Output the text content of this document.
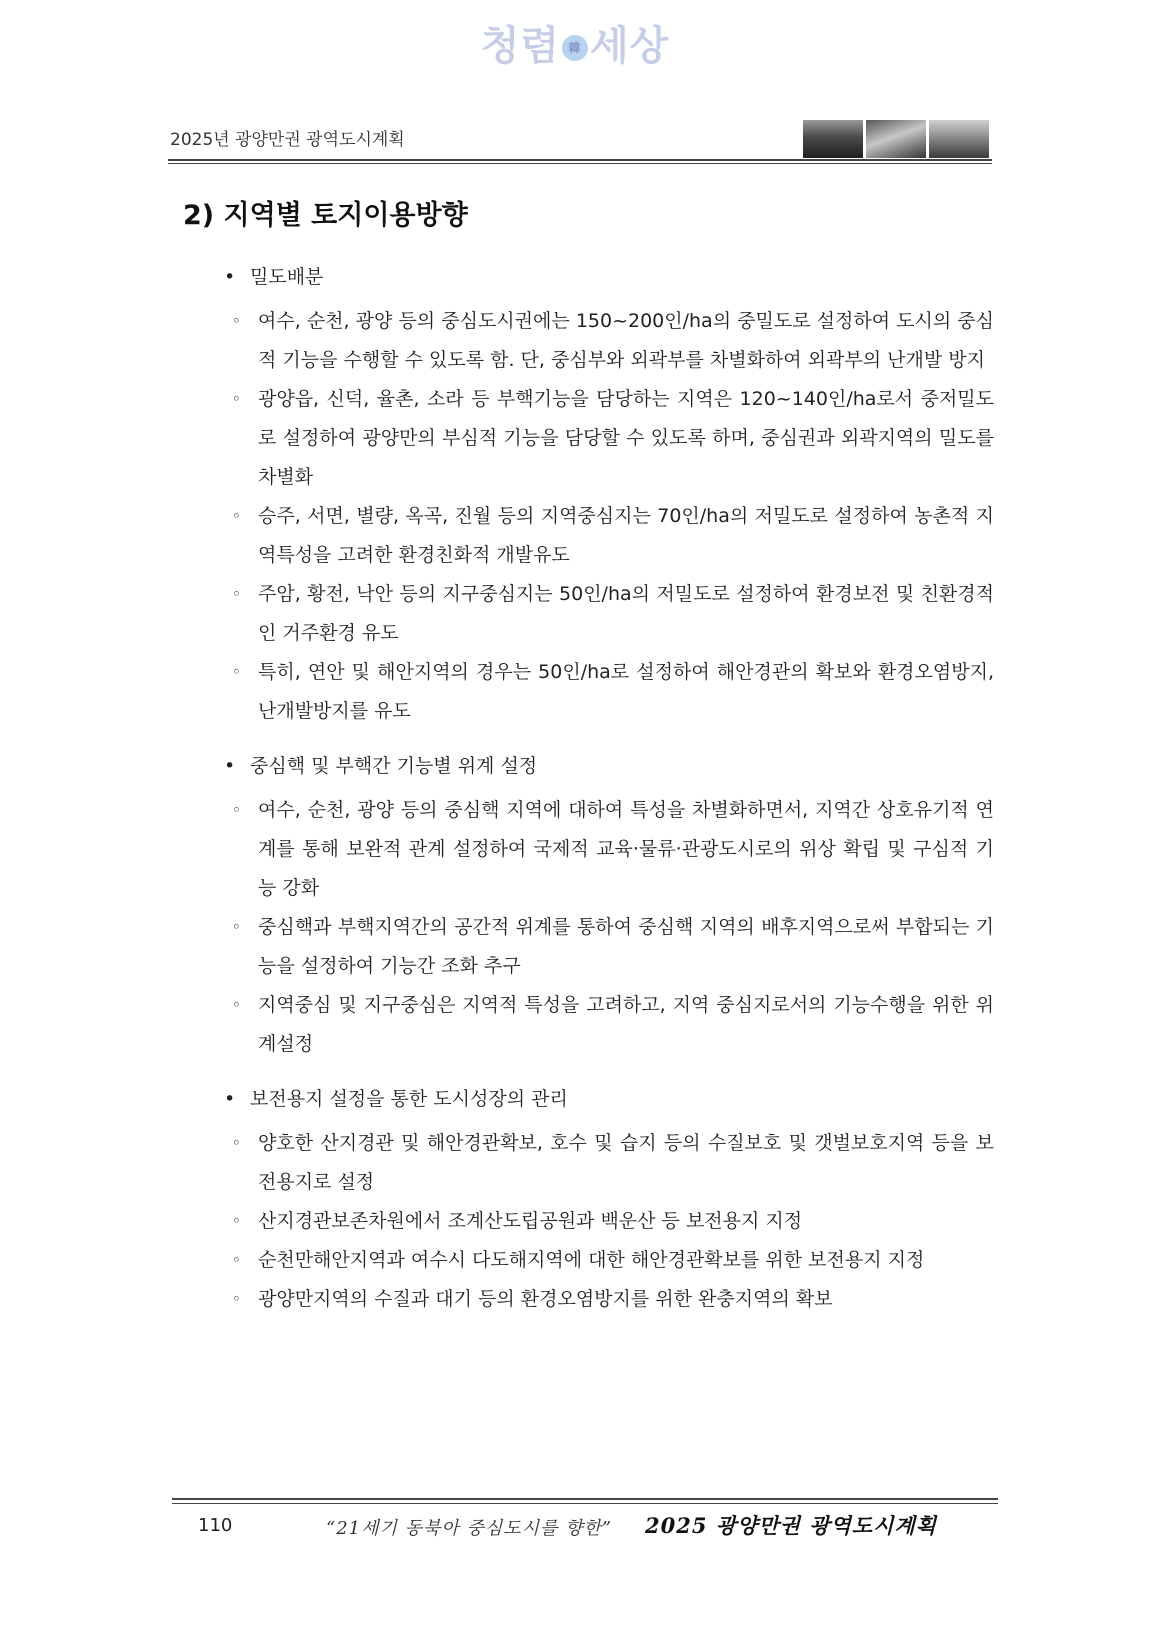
청렴 韓 세상
2025년 광양만권 광역도시계획
2) 지역별 토지이용방향
• 밀도배분
◦ 여수, 순천, 광양 등의 중심도시권에는 150~200인/ha의 중밀도로 설정하여 도시의 중심적 기능을 수행할 수 있도록 함. 단, 중심부와 외곽부를 차별화하여 외곽부의 난개발 방지
◦ 광양읍, 신덕, 율촌, 소라 등 부핵기능을 담당하는 지역은 120~140인/ha로서 중저밀도로 설정하여 광양만의 부심적 기능을 담당할 수 있도록 하며, 중심권과 외곽지역의 밀도를 차별화
◦ 승주, 서면, 별량, 옥곡, 진월 등의 지역중심지는 70인/ha의 저밀도로 설정하여 농촌적 지역특성을 고려한 환경친화적 개발유도
◦ 주암, 황전, 낙안 등의 지구중심지는 50인/ha의 저밀도로 설정하여 환경보전 및 친환경적인 거주환경 유도
◦ 특히, 연안 및 해안지역의 경우는 50인/ha로 설정하여 해안경관의 확보와 환경오염방지, 난개발방지를 유도
• 중심핵 및 부핵간 기능별 위계 설정
◦ 여수, 순천, 광양 등의 중심핵 지역에 대하여 특성을 차별화하면서, 지역간 상호유기적 연계를 통해 보완적 관계 설정하여 국제적 교육·물류·관광도시로의 위상 확립 및 구심적 기능 강화
◦ 중심핵과 부핵지역간의 공간적 위계를 통하여 중심핵 지역의 배후지역으로써 부합되는 기능을 설정하여 기능간 조화 추구
◦ 지역중심 및 지구중심은 지역적 특성을 고려하고, 지역 중심지로서의 기능수행을 위한 위계설정
• 보전용지 설정을 통한 도시성장의 관리
◦ 양호한 산지경관 및 해안경관확보, 호수 및 습지 등의 수질보호 및 갯벌보호지역 등을 보전용지로 설정
◦ 산지경관보존차원에서 조계산도립공원과 백운산 등 보전용지 지정
◦ 순천만해안지역과 여수시 다도해지역에 대한 해안경관확보를 위한 보전용지 지정
◦ 광양만지역의 수질과 대기 등의 환경오염방지를 위한 완충지역의 확보
110	“21세기 동북아 중심도시를 향한” 2025 광양만권 광역도시계획
